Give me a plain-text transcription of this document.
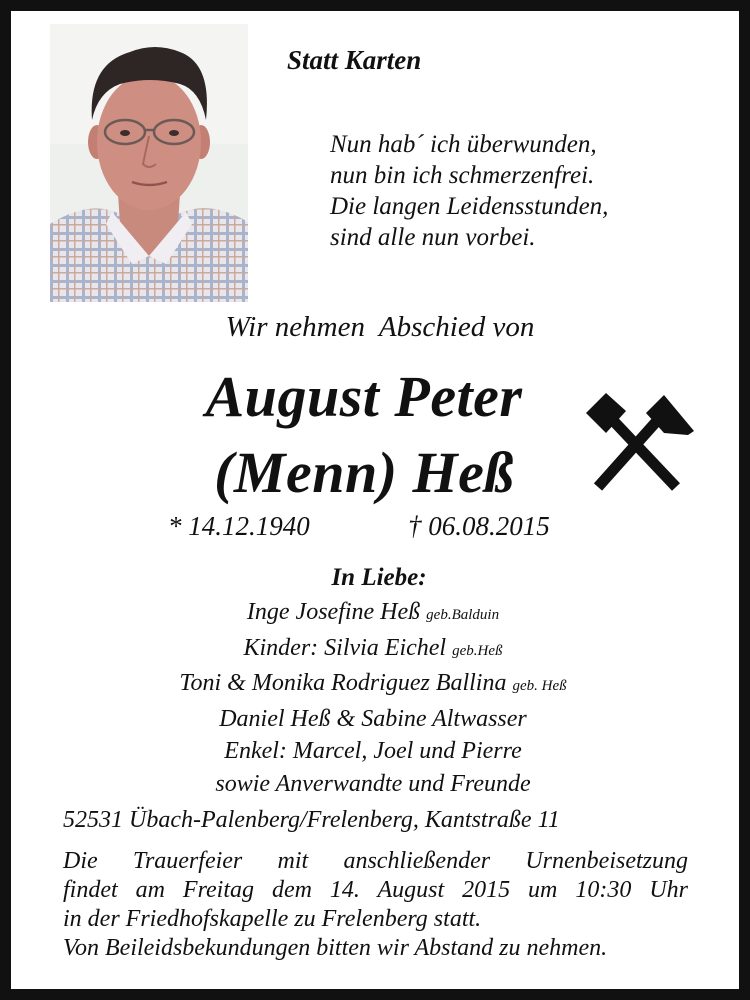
Statt Karten
Nun hab´ ich überwunden,
nun bin ich schmerzenfrei.
Die langen Leidensstunden,
sind alle nun vorbei.
Wir nehmen  Abschied von
August Peter
(Menn) Heß
* 14.12.1940	† 06.08.2015
In Liebe:
Inge Josefine Heß geb.Balduin
Kinder: Silvia Eichel geb.Heß
Toni & Monika Rodriguez Ballina geb. Heß
Daniel Heß & Sabine Altwasser
Enkel: Marcel, Joel und Pierre
sowie Anverwandte und Freunde
52531 Übach-Palenberg/Frelenberg, Kantstraße 11
Die Trauerfeier mit anschließender Urnenbeisetzung
findet am Freitag dem 14. August 2015 um 10:30 Uhr
in der Friedhofskapelle zu Frelenberg statt.
Von Beileidsbekundungen bitten wir Abstand zu nehmen.
